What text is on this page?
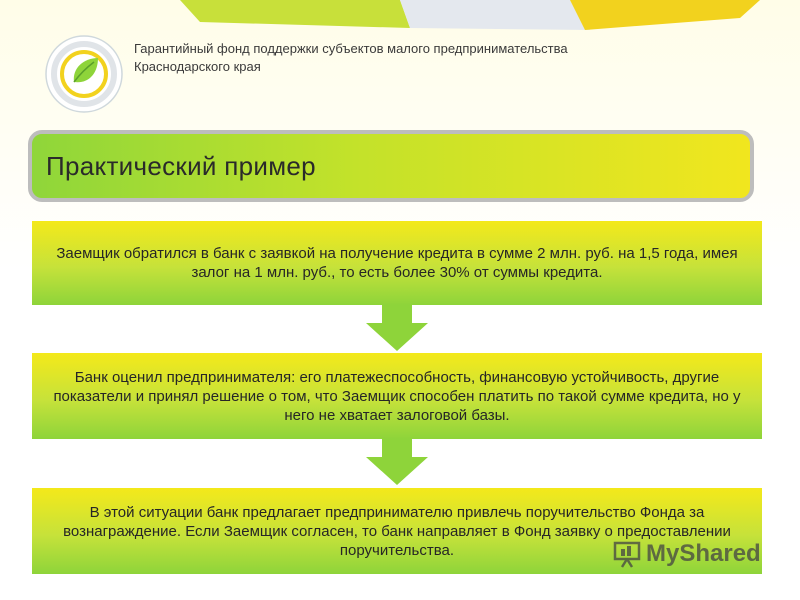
Гарантийный фонд поддержки субъектов малого предпринимательства Краснодарского края
Практический пример
Заемщик обратился в банк с заявкой на получение кредита в сумме 2 млн. руб. на 1,5 года, имея залог на 1 млн. руб., то есть более 30% от суммы кредита.
Банк оценил предпринимателя: его платежеспособность, финансовую устойчивость, другие показатели и принял решение о том, что Заемщик способен платить по такой сумме кредита, но у него не хватает залоговой базы.
В этой ситуации банк предлагает предпринимателю привлечь поручительство Фонда за вознаграждение. Если Заемщик согласен, то банк направляет в Фонд заявку о предоставлении поручительства.	MyShared
